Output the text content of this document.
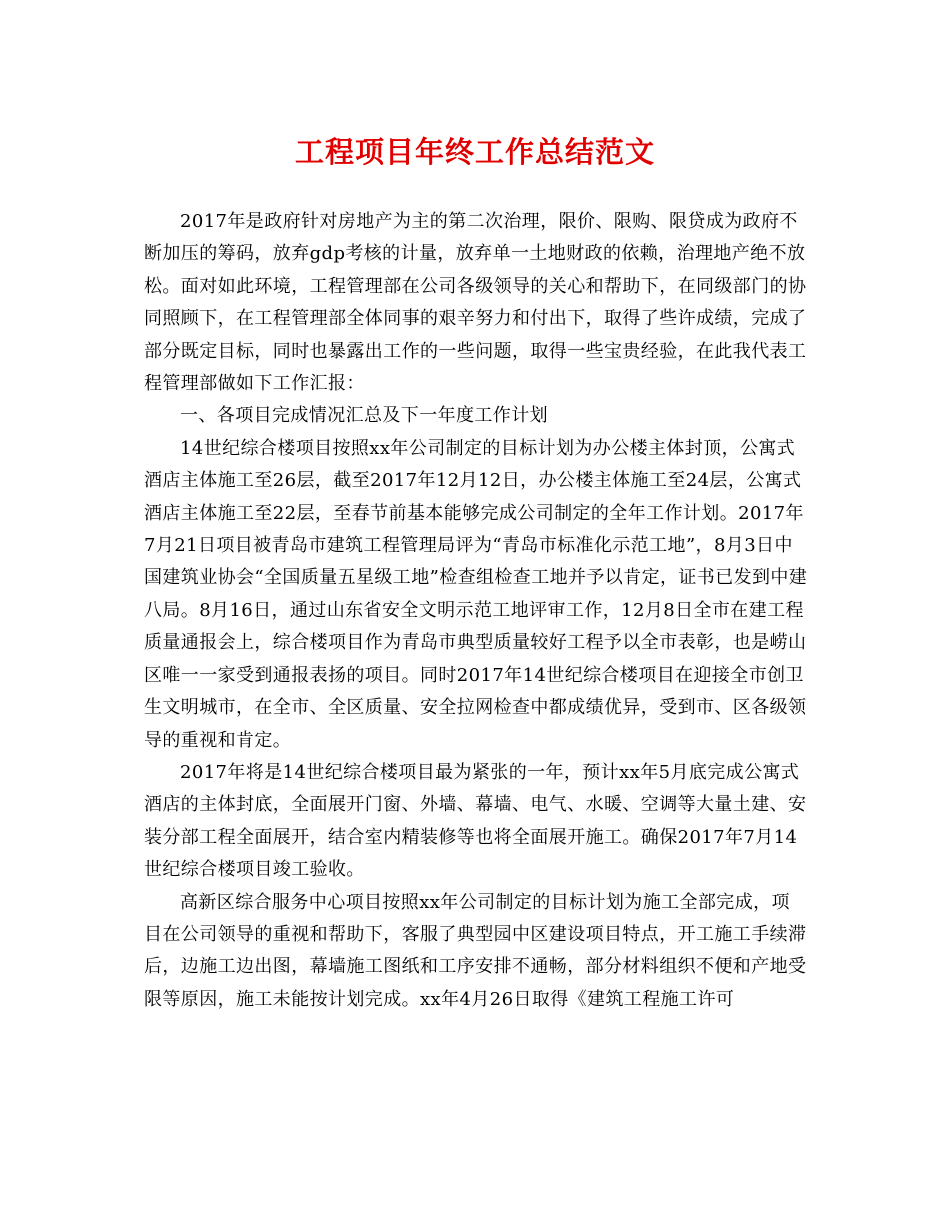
工程项目年终工作总结范文

2017年是政府针对房地产为主的第二次治理，限价、限购、限贷成为政府不断加压的筹码，放弃gdp考核的计量，放弃单一土地财政的依赖，治理地产绝不放松。面对如此环境，工程管理部在公司各级领导的关心和帮助下，在同级部门的协同照顾下，在工程管理部全体同事的艰辛努力和付出下，取得了些许成绩，完成了部分既定目标，同时也暴露出工作的一些问题，取得一些宝贵经验，在此我代表工程管理部做如下工作汇报：

一、各项目完成情况汇总及下一年度工作计划

14世纪综合楼项目按照xx年公司制定的目标计划为办公楼主体封顶，公寓式酒店主体施工至26层，截至2017年12月12日，办公楼主体施工至24层，公寓式酒店主体施工至22层，至春节前基本能够完成公司制定的全年工作计划。2017年7月21日项目被青岛市建筑工程管理局评为“青岛市标准化示范工地”，8月3日中国建筑业协会“全国质量五星级工地”检查组检查工地并予以肯定，证书已发到中建八局。8月16日，通过山东省安全文明示范工地评审工作，12月8日全市在建工程质量通报会上，综合楼项目作为青岛市典型质量较好工程予以全市表彰，也是崂山区唯一一家受到通报表扬的项目。同时2017年14世纪综合楼项目在迎接全市创卫生文明城市，在全市、全区质量、安全拉网检查中都成绩优异，受到市、区各级领导的重视和肯定。

2017年将是14世纪综合楼项目最为紧张的一年，预计xx年5月底完成公寓式酒店的主体封底，全面展开门窗、外墙、幕墙、电气、水暖、空调等大量土建、安装分部工程全面展开，结合室内精装修等也将全面展开施工。确保2017年7月14世纪综合楼项目竣工验收。

高新区综合服务中心项目按照xx年公司制定的目标计划为施工全部完成，项目在公司领导的重视和帮助下，客服了典型园中区建设项目特点，开工施工手续滞后，边施工边出图，幕墙施工图纸和工序安排不通畅，部分材料组织不便和产地受限等原因，施工未能按计划完成。xx年4月26日取得《建筑工程施工许可
